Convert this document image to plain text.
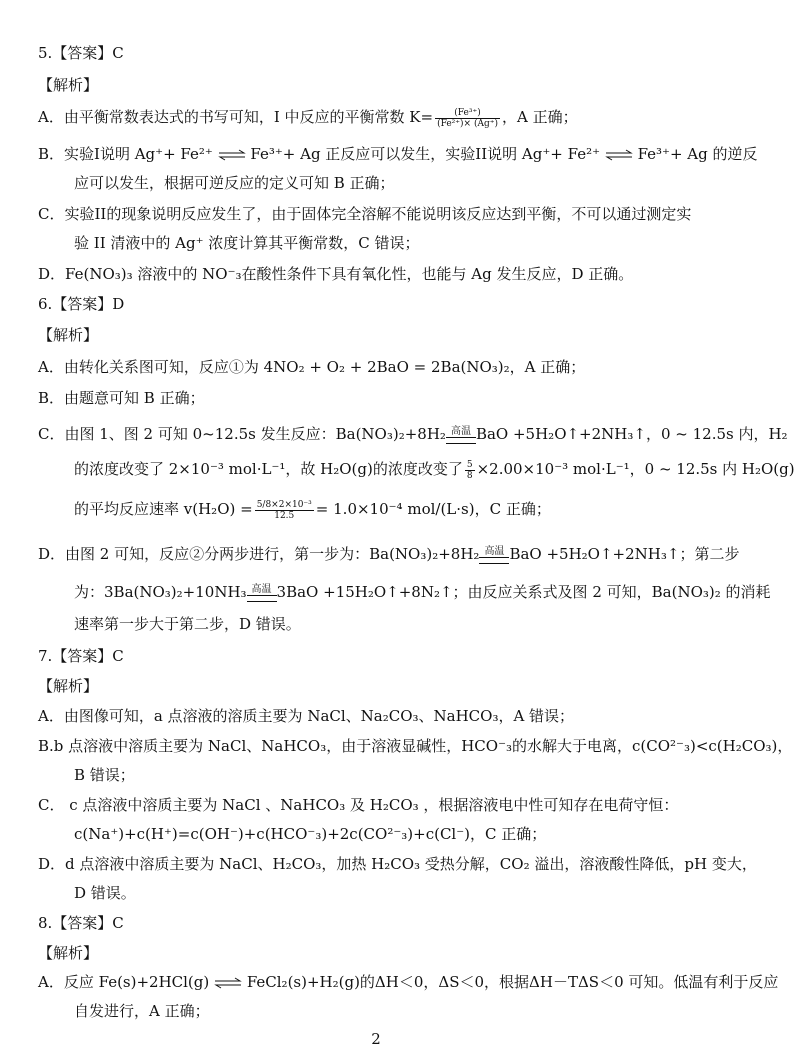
5.【答案】C
【解析】
A．由平衡常数表达式的书写可知，I 中反应的平衡常数 $K= \frac{\text{(Fe³⁺)}}{\text{(Fe²⁺)× (Ag⁺)}}$ ，A 正确；
B．实验I说明 Ag⁺+ Fe²⁺ ⇌ Fe³⁺+ Ag 正反应可以发生，实验II说明 Ag⁺+ Fe²⁺ ⇌ Fe³⁺+ Ag 的逆反
应可以发生，根据可逆反应的定义可知 B 正确；
C．实验II的现象说明反应发生了，由于固体完全溶解不能说明该反应达到平衡，不可以通过测定实
验 II 清液中的 Ag⁺ 浓度计算其平衡常数，C 错误；
D．Fe(NO₃)₃ 溶液中的 NO⁻₃在酸性条件下具有氧化性，也能与 Ag 发生反应，D 正确。
6.【答案】D
【解析】
A．由转化关系图可知，反应①为 4NO₂ + O₂ + 2BaO = 2Ba(NO₃)₂，A 正确；
B．由题意可知 B 正确；
C．由图 1、图 2 可知 0~12.5s 发生反应：Ba(NO₃)₂+8H₂ 高温 BaO +5H₂O↑+2NH₃↑，0 ~ 12.5s 内，H₂
的浓度改变了 2×10⁻³ mol·L⁻¹，故 H₂O(g)的浓度改变了 $\frac{5}{8} \times 2.00\times 10^{-3}$ mol·L⁻¹，0 ~ 12.5s 内 H₂O(g)
的平均反应速率 $v(H_2O) = \frac{\text{5/8×2×10⁻³}}{12.5} = 1.0\times 10^{-4}$ mol/(L·s)，C 正确；
D．由图 2 可知，反应②分两步进行，第一步为：Ba(NO₃)₂+8H₂ 高温 BaO +5H₂O↑+2NH₃↑；第二步
为：3Ba(NO₃)₂+10NH₃ 高温 3BaO +15H₂O↑+8N₂↑；由反应关系式及图 2 可知，Ba(NO₃)₂ 的消耗
速率第一步大于第二步，D 错误。
7.【答案】C
【解析】
A．由图像可知，a 点溶液的溶质主要为 NaCl、Na₂CO₃、NaHCO₃，A 错误；
B.b 点溶液中溶质主要为 NaCl、NaHCO₃，由于溶液显碱性，HCO⁻₃的水解大于电离，c(CO²⁻₃)<c(H₂CO₃)，
B 错误；
C． c 点溶液中溶质主要为 NaCl 、NaHCO₃ 及 H₂CO₃ ，根据溶液电中性可知存在电荷守恒：
c(Na⁺)+c(H⁺)=c(OH⁻)+c(HCO⁻₃)+2c(CO²⁻₃)+c(Cl⁻)，C 正确；
D．d 点溶液中溶质主要为 NaCl、H₂CO₃，加热 H₂CO₃ 受热分解，CO₂ 溢出，溶液酸性降低，pH 变大，
D 错误。
8.【答案】C
【解析】
A．反应 Fe(s)+2HCl(g) ⇌ FeCl₂(s)+H₂(g)的ΔH＜0，ΔS＜0，根据ΔH－TΔS＜0 可知。低温有利于反应
自发进行，A 正确；
2
